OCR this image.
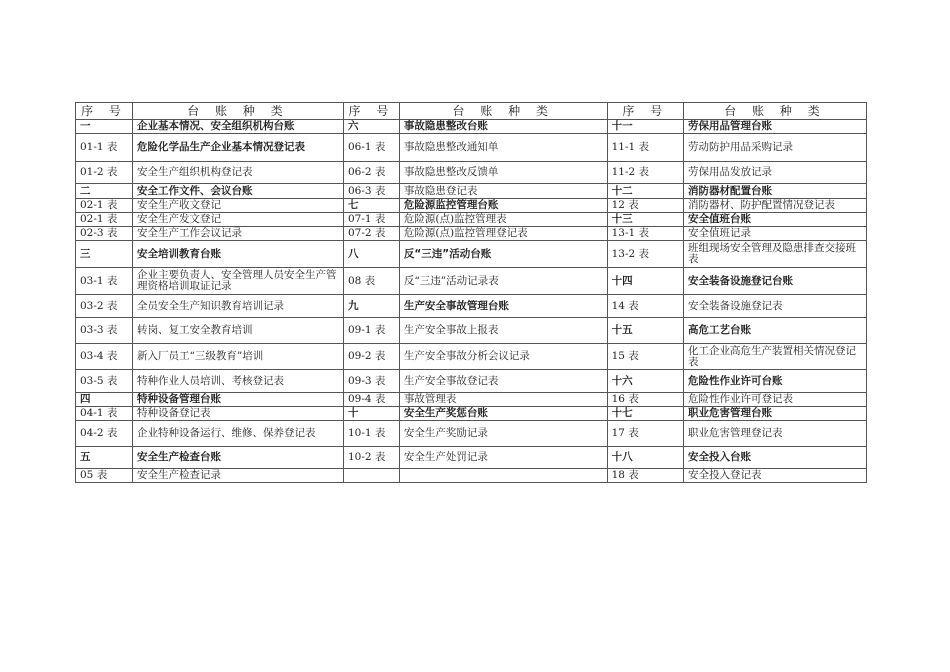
序 号	台 账 种 类	序 号	台 账 种 类	序 号	台 账 种 类
一	企业基本情况、安全组织机构台账	六	事故隐患整改台账	十一	劳保用品管理台账
01-1 表	危险化学品生产企业基本情况登记表	06-1 表	事故隐患整改通知单	11-1 表	劳动防护用品采购记录
01-2 表	安全生产组织机构登记表	06-2 表	事故隐患整改反馈单	11-2 表	劳保用品发放记录
二	安全工作文件、会议台账	06-3 表	事故隐患登记表	十二	消防器材配置台账
02-1 表	安全生产收文登记	七	危险源监控管理台账	12 表	消防器材、防护配置情况登记表
02-1 表	安全生产发文登记	07-1 表	危险源(点)监控管理表	十三	安全值班台账
02-3 表	安全生产工作会议记录	07-2 表	危险源(点)监控管理登记表	13-1 表	安全值班记录
三	安全培训教育台账	八	反“三违”活动台账	13-2 表	班组现场安全管理及隐患排查交接班表
03-1 表	企业主要负责人、安全管理人员安全生产管理资格培训取证记录	08 表	反“三违”活动记录表	十四	安全装备设施登记台账
03-2 表	全员安全生产知识教育培训记录	九	生产安全事故管理台账	14 表	安全装备设施登记表
03-3 表	转岗、复工安全教育培训	09-1 表	生产安全事故上报表	十五	高危工艺台账
03-4 表	新入厂员工“三级教育”培训	09-2 表	生产安全事故分析会议记录	15 表	化工企业高危生产装置相关情况登记表
03-5 表	特种作业人员培训、考核登记表	09-3 表	生产安全事故登记表	十六	危险性作业许可台账
四	特种设备管理台账	09-4 表	事故管理表	16 表	危险性作业许可登记表
04-1 表	特种设备登记表	十	安全生产奖惩台账	十七	职业危害管理台账
04-2 表	企业特种设备运行、维修、保养登记表	10-1 表	安全生产奖励记录	17 表	职业危害管理登记表
五	安全生产检查台账	10-2 表	安全生产处罚记录	十八	安全投入台账
05 表	安全生产检查记录			18 表	安全投入登记表
